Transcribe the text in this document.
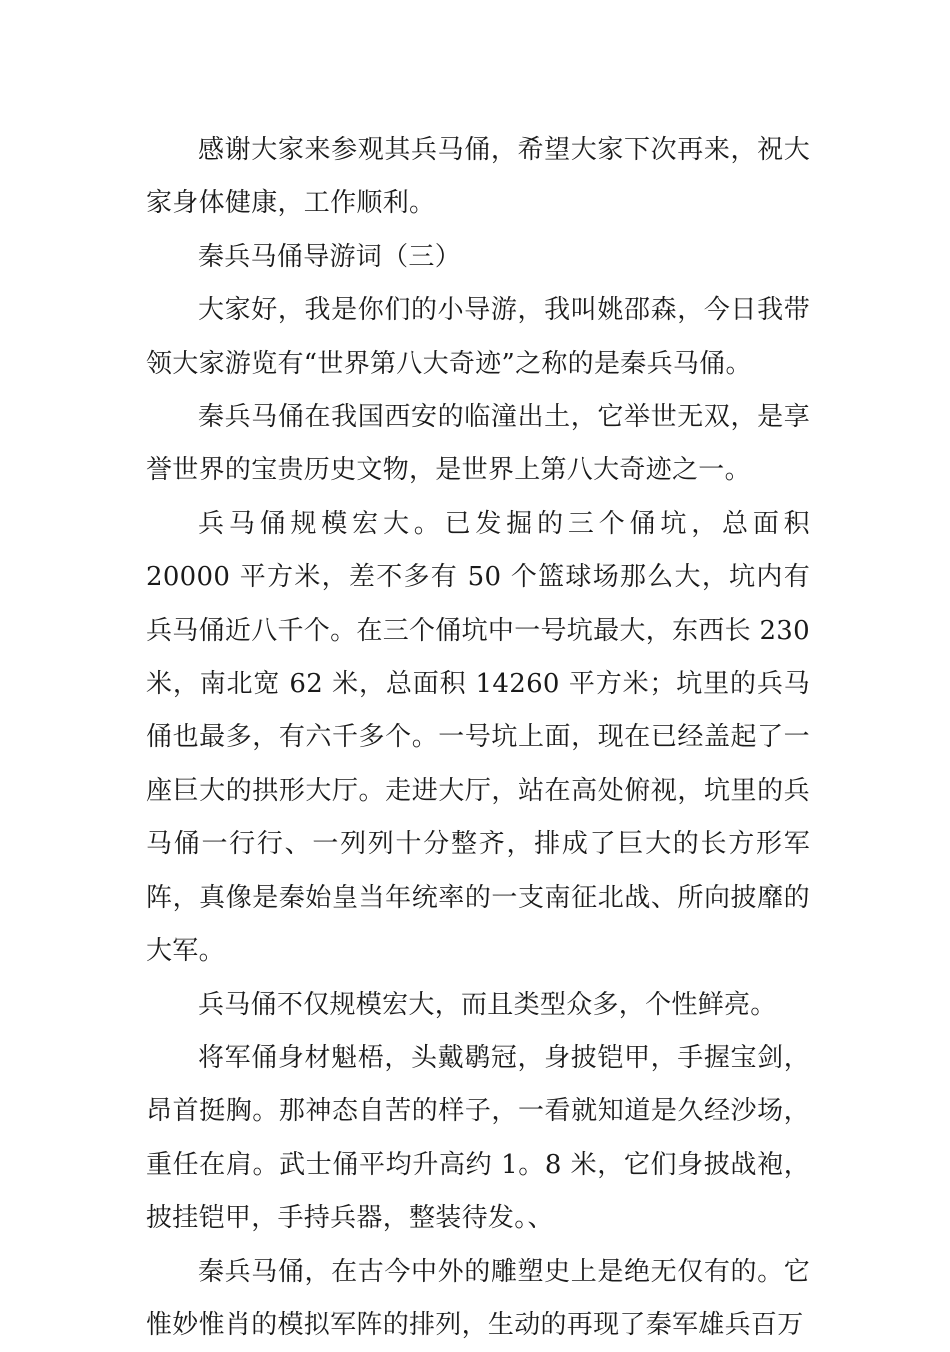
感谢大家来参观其兵马俑，希望大家下次再来，祝大家身体健康，工作顺利。

秦兵马俑导游词（三）

大家好，我是你们的小导游，我叫姚邵森，今日我带领大家游览有“世界第八大奇迹”之称的是秦兵马俑。

秦兵马俑在我国西安的临潼出土，它举世无双，是享誉世界的宝贵历史文物，是世界上第八大奇迹之一。

兵马俑规模宏大。已发掘的三个俑坑，总面积 20000 平方米，差不多有 50 个篮球场那么大，坑内有兵马俑近八千个。在三个俑坑中一号坑最大，东西长 230 米，南北宽 62 米，总面积 14260 平方米；坑里的兵马俑也最多，有六千多个。一号坑上面，现在已经盖起了一座巨大的拱形大厅。走进大厅，站在高处俯视，坑里的兵马俑一行行、一列列十分整齐，排成了巨大的长方形军阵，真像是秦始皇当年统率的一支南征北战、所向披靡的大军。

兵马俑不仅规模宏大，而且类型众多，个性鲜亮。

将军俑身材魁梧，头戴鹖冠，身披铠甲，手握宝剑，昂首挺胸。那神态自苦的样子，一看就知道是久经沙场，重任在肩。武士俑平均升高约 1。8 米，它们身披战袍，披挂铠甲，手持兵器，整装待发。、

秦兵马俑，在古今中外的雕塑史上是绝无仅有的。它惟妙惟肖的模拟军阵的排列，生动的再现了秦军雄兵百万
